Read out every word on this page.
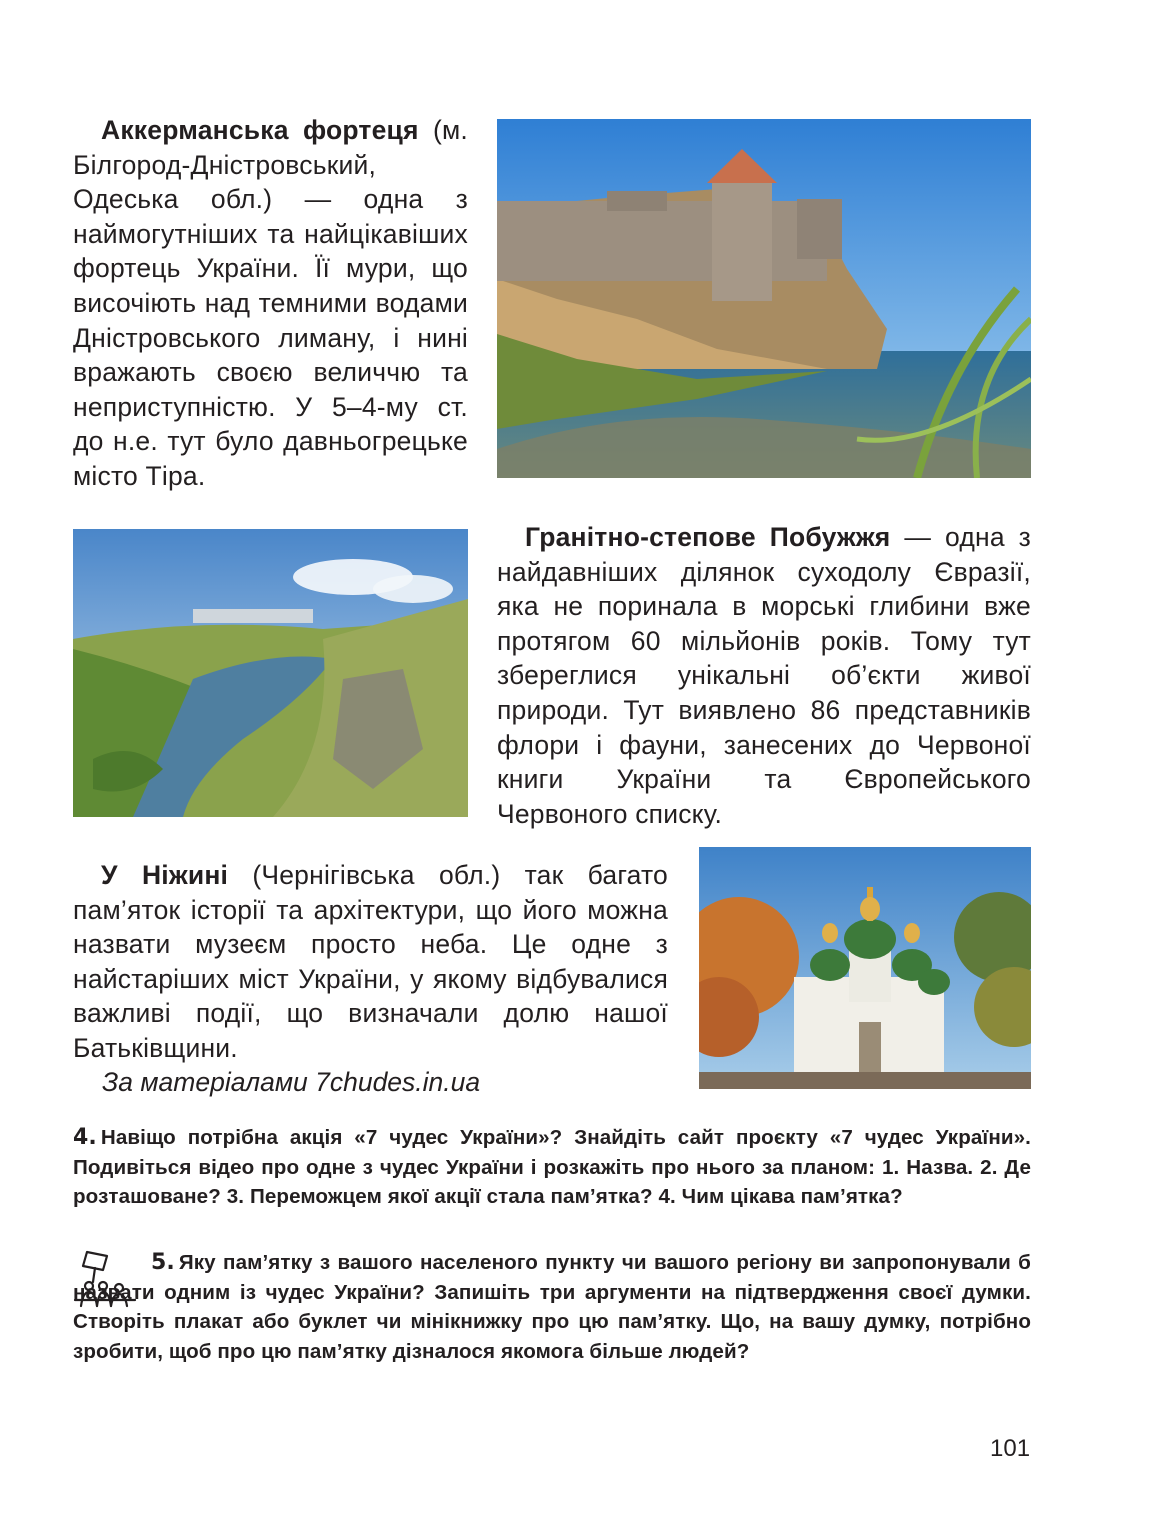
Аккерманська фортеця (м. Білгород-Дністровський, Одеська обл.) — одна з наймогутніших та найцікавіших фортець України. Її мури, що височіють над темними водами Дністровського лиману, і нині вражають своєю величчю та неприступністю. У 5–4-му ст. до н.е. тут було давньогрецьке місто Тіра.

Гранітно-степове Побужжя — одна з найдавніших ділянок суходолу Євразії, яка не поринала в морські глибини вже протягом 60 мільйонів років. Тому тут збереглися унікальні об’єкти живої природи. Тут виявлено 86 представників флори і фауни, занесених до Червоної книги України та Європейського Червоного списку.

У Ніжині (Чернігівська обл.) так багато пам’яток історії та архітектури, що його можна назвати музеєм просто неба. Це одне з найстаріших міст України, у якому відбувалися важливі події, що визначали долю нашої Батьківщини.

За матеріалами 7chudes.in.ua

4. Навіщо потрібна акція «7 чудес України»? Знайдіть сайт проєкту «7 чудес України». Подивіться відео про одне з чудес України і розкажіть про нього за планом: 1. Назва. 2. Де розташоване? 3. Переможцем якої акції стала пам’ятка? 4. Чим цікава пам’ятка?

5. Яку пам’ятку з вашого населеного пункту чи вашого регіону ви запропонували б назвати одним із чудес України? Запишіть три аргументи на підтвердження своєї думки. Створіть плакат або буклет чи мінікнижку про цю пам’ятку. Що, на вашу думку, потрібно зробити, щоб про цю пам’ятку дізналося якомога більше людей?

101
